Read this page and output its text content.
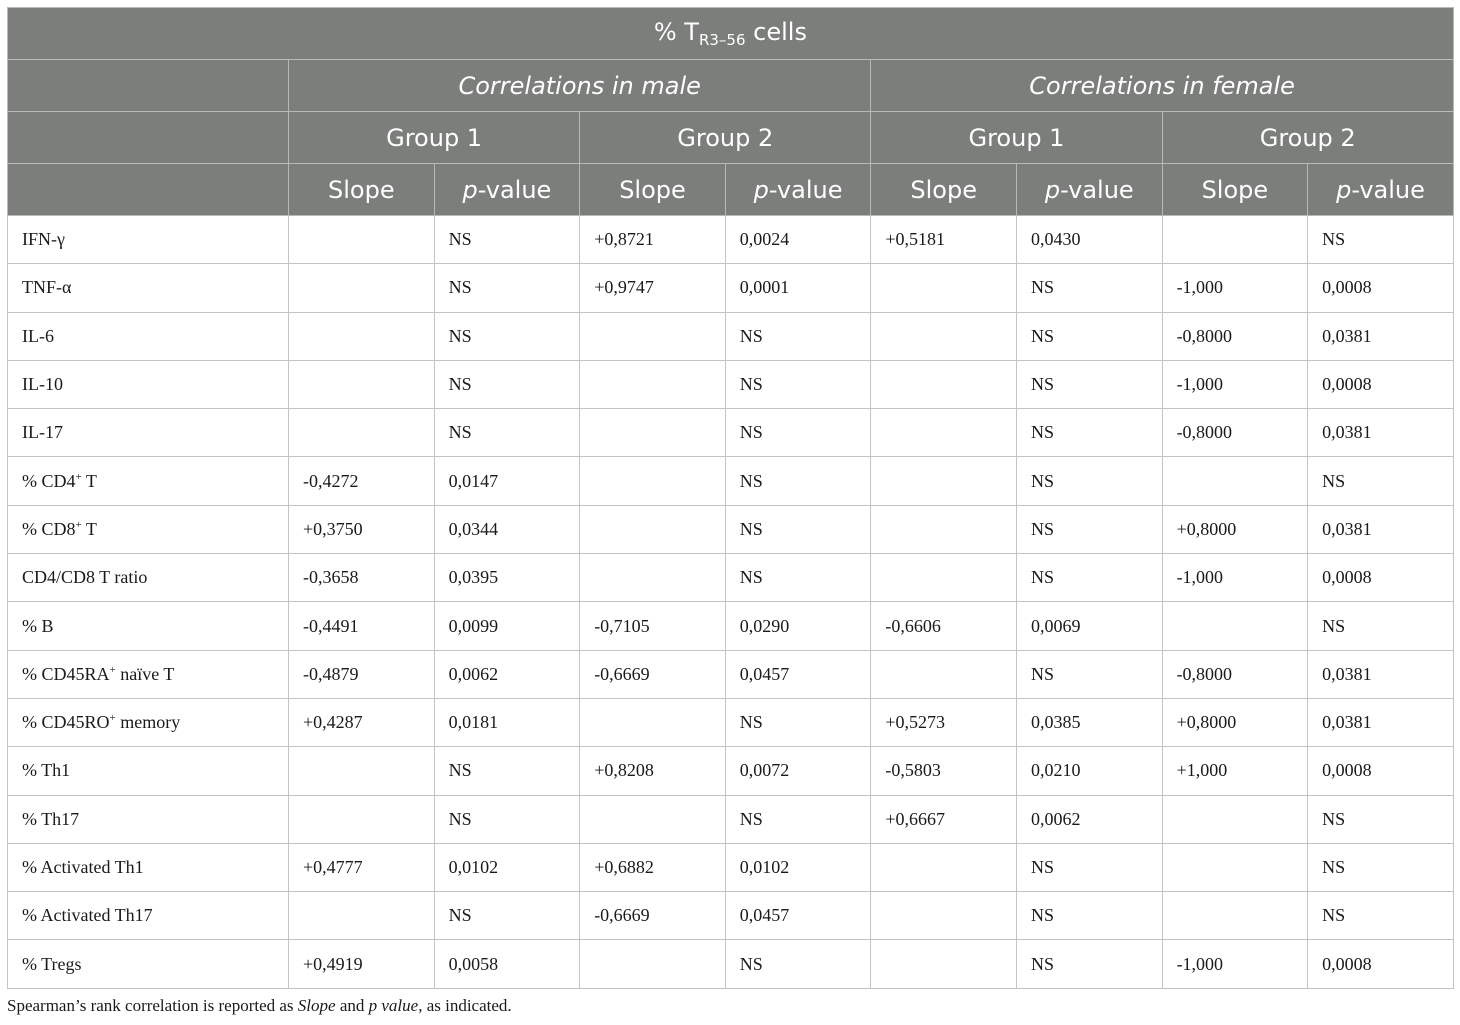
% $T_{R3-56}$ cells								
	Correlations in male				Correlations in female			
	Group 1		Group 2		Group 1		Group 2	
	Slope	p-value	Slope	p-value	Slope	p-value	Slope	p-value
IFN-γ		NS	+0,8721	0,0024	+0,5181	0,0430		NS
TNF-α		NS	+0,9747	0,0001		NS	-1,000	0,0008
IL-6		NS		NS		NS	-0,8000	0,0381
IL-10		NS		NS		NS	-1,000	0,0008
IL-17		NS		NS		NS	-0,8000	0,0381
% CD4+ T	-0,4272	0,0147		NS		NS		NS
% CD8+ T	+0,3750	0,0344		NS		NS	+0,8000	0,0381
CD4/CD8 T ratio	-0,3658	0,0395		NS		NS	-1,000	0,0008
% B	-0,4491	0,0099	-0,7105	0,0290	-0,6606	0,0069		NS
% CD45RA+ naïve T	-0,4879	0,0062	-0,6669	0,0457		NS	-0,8000	0,0381
% CD45RO+ memory	+0,4287	0,0181		NS	+0,5273	0,0385	+0,8000	0,0381
% Th1		NS	+0,8208	0,0072	-0,5803	0,0210	+1,000	0,0008
% Th17		NS		NS	+0,6667	0,0062		NS
% Activated Th1	+0,4777	0,0102	+0,6882	0,0102		NS		NS
% Activated Th17		NS	-0,6669	0,0457		NS		NS
% Tregs	+0,4919	0,0058		NS		NS	-1,000	0,0008
Spearman’s rank correlation is reported as Slope and p value, as indicated.
